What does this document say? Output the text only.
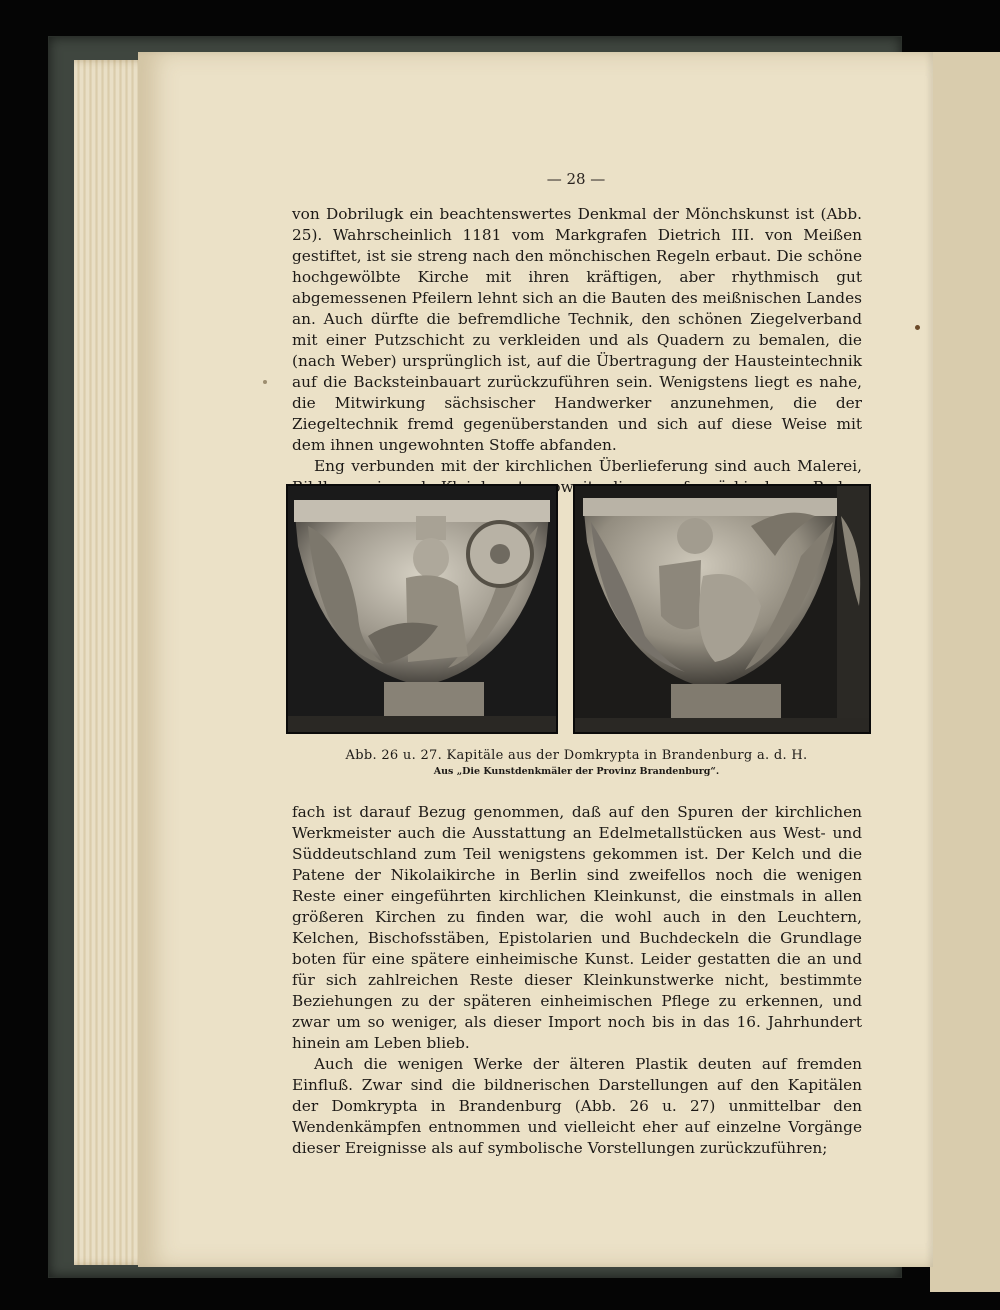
— 28 —

von Dobrilugk ein beachtenswertes Denkmal der Mönchskunst ist (Abb. 25). Wahrscheinlich 1181 vom Markgrafen Dietrich III. von Meißen gestiftet, ist sie streng nach den mönchischen Regeln erbaut. Die schöne hochgewölbte Kirche mit ihren kräftigen, aber rhythmisch gut abgemessenen Pfeilern lehnt sich an die Bauten des meißnischen Landes an. Auch dürfte die befremdliche Technik, den schönen Ziegelverband mit einer Putzschicht zu verkleiden und als Quadern zu bemalen, die (nach Weber) ursprünglich ist, auf die Übertragung der Hausteintechnik auf die Backsteinbauart zurückzuführen sein. Wenigstens liegt es nahe, die Mitwirkung sächsischer Handwerker anzunehmen, die der Ziegeltechnik fremd gegenüberstanden und sich auf diese Weise mit dem ihnen ungewohnten Stoffe abfanden.

Eng verbunden mit der kirchlichen Überlieferung sind auch Malerei, soweit

Abb. 26 u. 27. Kapitäle aus der Domkrypta in Brandenburg a. d. H.
Aus „Die Kunstdenkmäler der Provinz Brandenburg“.

fach ist darauf Bezug genommen, daß auf den Spuren der kirchlichen Werkmeister auch die Ausstattung an Edelmetallstücken aus West- und Süddeutschland zum Teil wenigstens gekommen ist. Der Kelch und die Patene der Nikolaikirche in Berlin sind zweifellos noch die wenigen Reste einer eingeführten kirchlichen Kleinkunst, die einstmals in allen größeren Kirchen zu finden war, die wohl auch in den Leuchtern, Kelchen, Bischofsstäben, Epistolarien und Buchdeckeln die Grundlage boten für eine spätere einheimische Kunst. Leider gestatten die an und für sich zahlreichen Reste dieser Kleinkunstwerke nicht, bestimmte Beziehungen zu der späteren einheimischen Pflege zu erkennen, und zwar um so weniger, als dieser Import noch bis in das 16. Jahrhundert hinein am Leben blieb.

Auch die wenigen Werke der älteren Plastik deuten auf fremden Einfluß. Zwar sind die bildnerischen Darstellungen auf den Kapitälen der Domkrypta in Brandenburg (Abb. 26 u. 27) unmittelbar den Wendenkämpfen entnommen und vielleicht eher auf einzelne Vorgänge dieser Ereignisse als auf symbolische Vorstellungen zurückzuführen;
